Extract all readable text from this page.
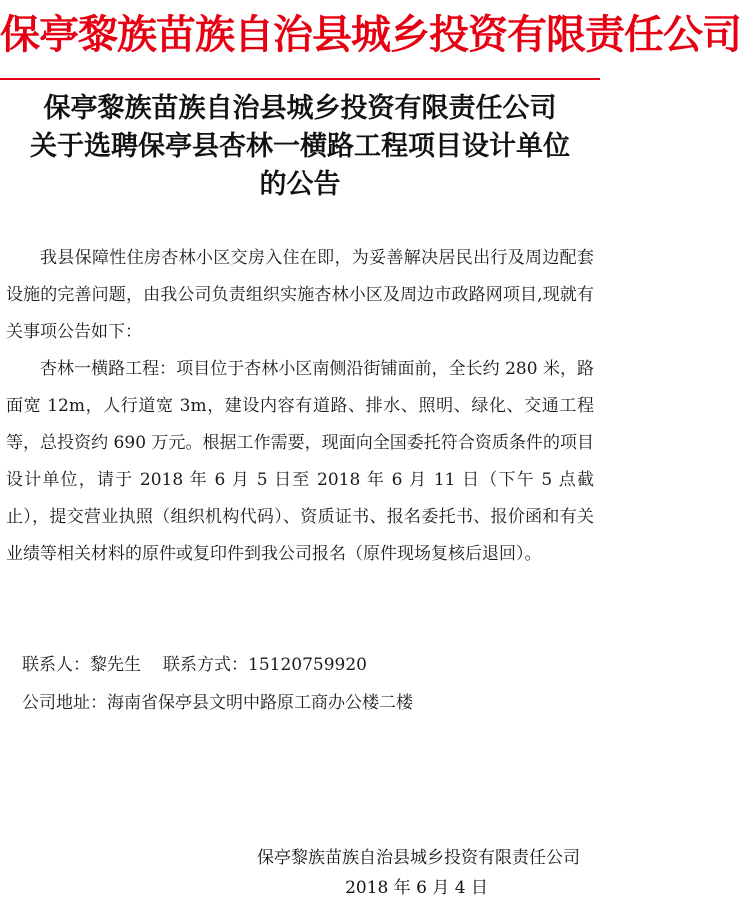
保亭黎族苗族自治县城乡投资有限责任公司
保亭黎族苗族自治县城乡投资有限责任公司
关于选聘保亭县杏林一横路工程项目设计单位
的公告

我县保障性住房杏林小区交房入住在即，为妥善解决居民出行及周边配套设施的完善问题，由我公司负责组织实施杏林小区及周边市政路网项目,现就有关事项公告如下：

杏林一横路工程：项目位于杏林小区南侧沿街铺面前，全长约 280 米，路面宽 12m，人行道宽 3m，建设内容有道路、排水、照明、绿化、交通工程等，总投资约 690 万元。根据工作需要，现面向全国委托符合资质条件的项目设计单位，请于 2018 年 6 月 5 日至 2018 年 6 月 11 日（下午 5 点截止），提交营业执照（组织机构代码）、资质证书、报名委托书、报价函和有关业绩等相关材料的原件或复印件到我公司报名（原件现场复核后退回）。

联系人：黎先生 联系方式：15120759920
公司地址：海南省保亭县文明中路原工商办公楼二楼
保亭黎族苗族自治县城乡投资有限责任公司
2018 年 6 月 4 日
